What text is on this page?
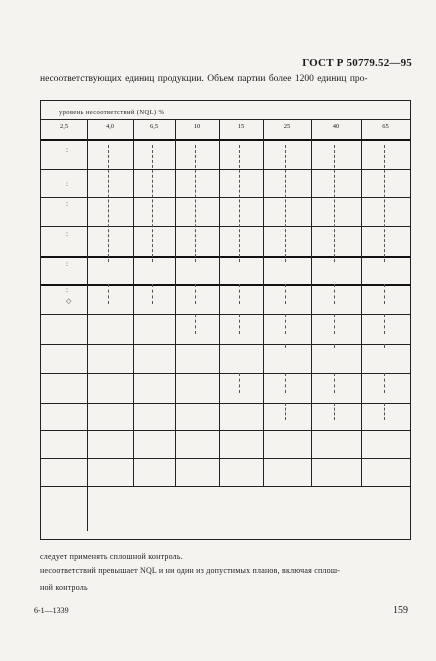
ГОСТ Р 50779.52—95
несоответствующих единиц продукции. Объем партии более 1200 единиц про-
уровень несоответствий (NQL) %
2,5	4,0	6,5	10	15	25	40	65
:
:
:
:
:
:
◇
следует применять сплошной контроль.
несоответствий превышает NQL и ни один из допустимых планов, включая сплош-
ной контроль
6-1—1339	159
